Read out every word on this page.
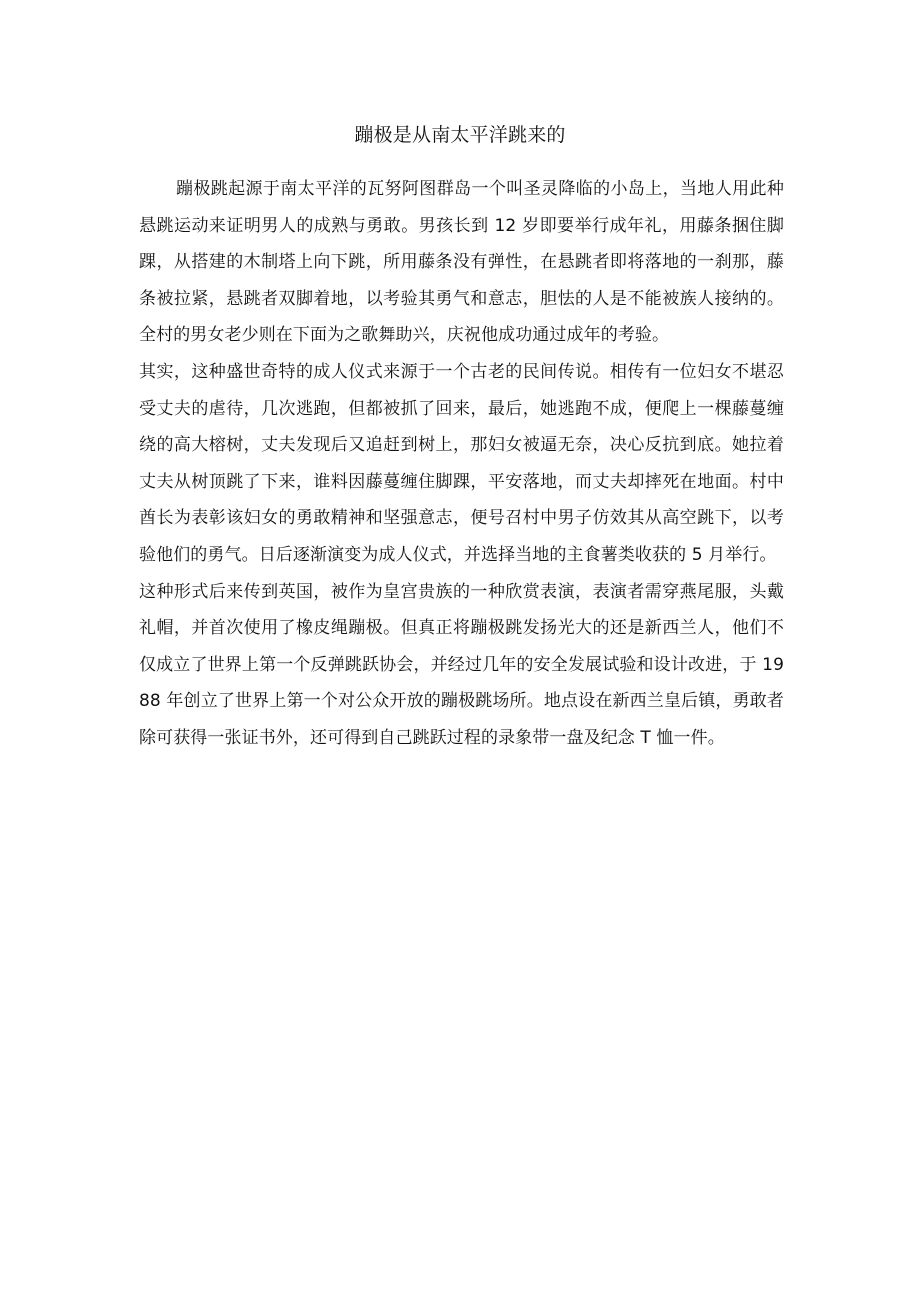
蹦极是从南太平洋跳来的

蹦极跳起源于南太平洋的瓦努阿图群岛一个叫圣灵降临的小岛上，当地人用此种悬跳运动来证明男人的成熟与勇敢。男孩长到 12 岁即要举行成年礼，用藤条捆住脚踝，从搭建的木制塔上向下跳，所用藤条没有弹性，在悬跳者即将落地的一刹那，藤条被拉紧，悬跳者双脚着地，以考验其勇气和意志，胆怯的人是不能被族人接纳的。全村的男女老少则在下面为之歌舞助兴，庆祝他成功通过成年的考验。

其实，这种盛世奇特的成人仪式来源于一个古老的民间传说。相传有一位妇女不堪忍受丈夫的虐待，几次逃跑，但都被抓了回来，最后，她逃跑不成，便爬上一棵藤蔓缠绕的高大榕树，丈夫发现后又追赶到树上，那妇女被逼无奈，决心反抗到底。她拉着丈夫从树顶跳了下来，谁料因藤蔓缠住脚踝，平安落地，而丈夫却摔死在地面。村中酋长为表彰该妇女的勇敢精神和坚强意志，便号召村中男子仿效其从高空跳下，以考验他们的勇气。日后逐渐演变为成人仪式，并选择当地的主食薯类收获的 5 月举行。

这种形式后来传到英国，被作为皇宫贵族的一种欣赏表演，表演者需穿燕尾服，头戴礼帽，并首次使用了橡皮绳蹦极。但真正将蹦极跳发扬光大的还是新西兰人，他们不仅成立了世界上第一个反弹跳跃协会，并经过几年的安全发展试验和设计改进，于 1988 年创立了世界上第一个对公众开放的蹦极跳场所。地点设在新西兰皇后镇，勇敢者除可获得一张证书外，还可得到自己跳跃过程的录象带一盘及纪念 T 恤一件。
